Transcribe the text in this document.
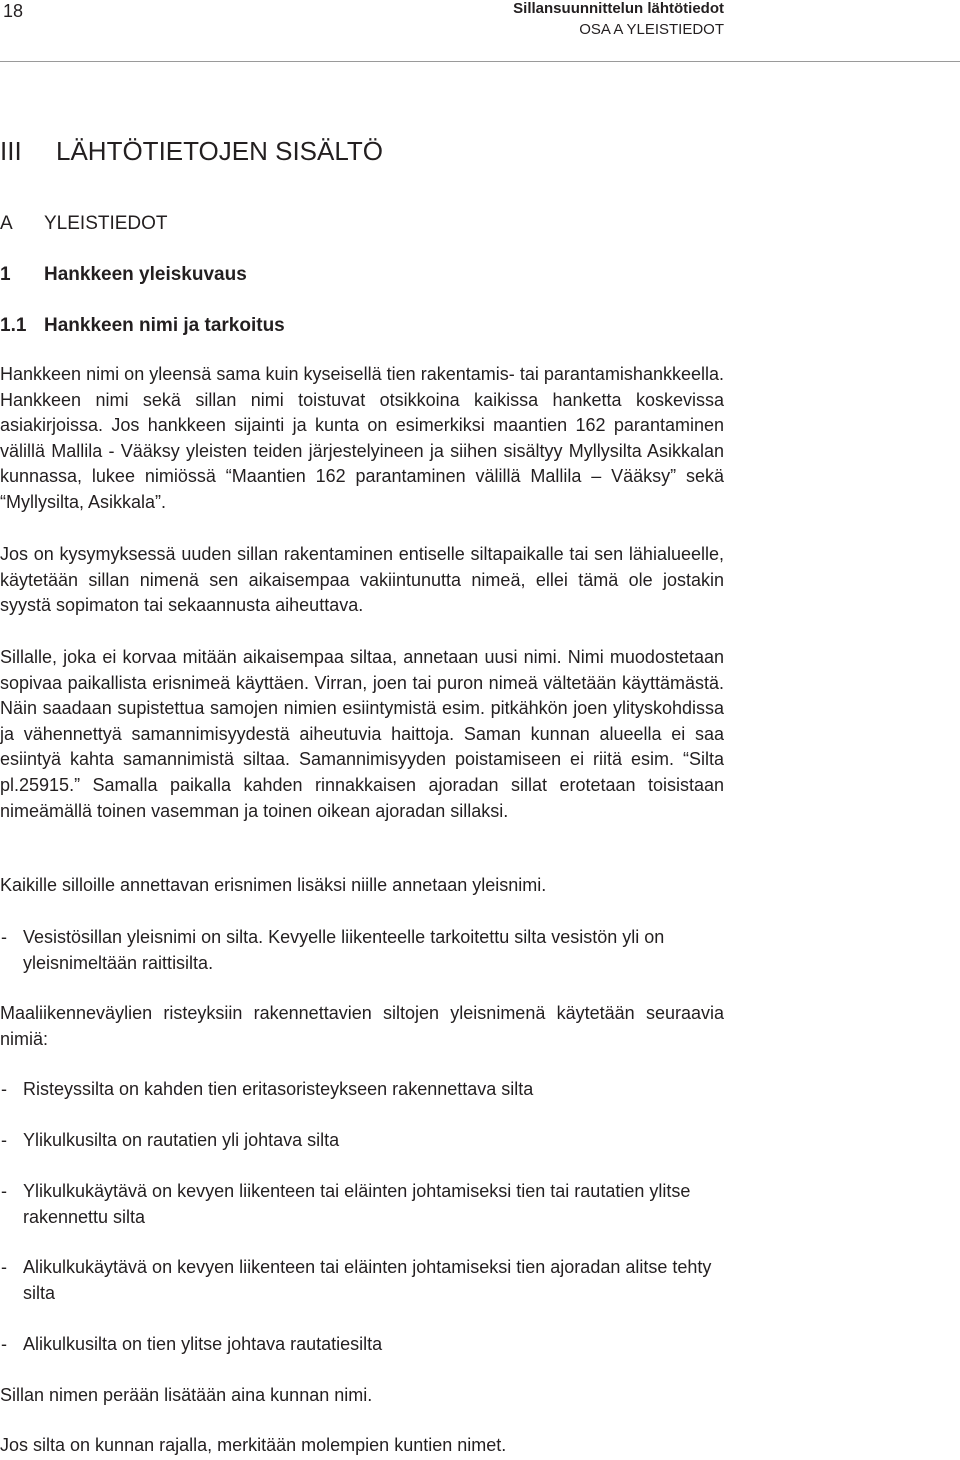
18	Sillansuunnittelun lähtötiedot
OSA A YLEISTIEDOT
III LÄHTÖTIETOJEN SISÄLTÖ
A YLEISTIEDOT
1 Hankkeen yleiskuvaus
1.1 Hankkeen nimi ja tarkoitus

Hankkeen nimi on yleensä sama kuin kyseisellä tien rakentamis- tai parantamishankkeella. Hankkeen nimi sekä sillan nimi toistuvat otsikkoina kaikissa hanketta koskevissa asiakirjoissa. Jos hankkeen sijainti ja kunta on esimerkiksi maantien 162 parantaminen välillä Mallila - Vääksy yleisten teiden järjestelyineen ja siihen sisältyy Myllysilta Asikkalan kunnassa, lukee nimiössä “Maantien 162 parantaminen välillä Mallila – Vääksy” sekä “Myllysilta, Asikkala”.

Jos on kysymyksessä uuden sillan rakentaminen entiselle siltapaikalle tai sen lähialueelle, käytetään sillan nimenä sen aikaisempaa vakiintunutta nimeä, ellei tämä ole jostakin syystä sopimaton tai sekaannusta aiheuttava.

Sillalle, joka ei korvaa mitään aikaisempaa siltaa, annetaan uusi nimi. Nimi muodostetaan sopivaa paikallista erisnimeä käyttäen. Virran, joen tai puron nimeä vältetään käyttämästä. Näin saadaan supistettua samojen nimien esiintymistä esim. pitkähkön joen ylityskohdissa ja vähennettyä samannimisyydestä aiheutuvia haittoja. Saman kunnan alueella ei saa esiintyä kahta samannimistä siltaa. Samannimisyyden poistamiseen ei riitä esim. “Silta pl.25915.” Samalla paikalla kahden rinnakkaisen ajoradan sillat erotetaan toisistaan nimeämällä toinen vasemman ja toinen oikean ajoradan sillaksi.

Kaikille silloille annettavan erisnimen lisäksi niille annetaan yleisnimi.

- Vesistösillan yleisnimi on silta. Kevyelle liikenteelle tarkoitettu silta vesistön yli on yleisnimeltään raittisilta.

Maaliikenneväylien risteyksiin rakennettavien siltojen yleisnimenä käytetään seuraavia nimiä:

- Risteyssilta on kahden tien eritasoristeykseen rakennettava silta
- Ylikulkusilta on rautatien yli johtava silta
- Ylikulkukäytävä on kevyen liikenteen tai eläinten johtamiseksi tien tai rautatien ylitse rakennettu silta
- Alikulkukäytävä on kevyen liikenteen tai eläinten johtamiseksi tien ajoradan alitse tehty silta
- Alikulkusilta on tien ylitse johtava rautatiesilta

Sillan nimen perään lisätään aina kunnan nimi.

Jos silta on kunnan rajalla, merkitään molempien kuntien nimet.
